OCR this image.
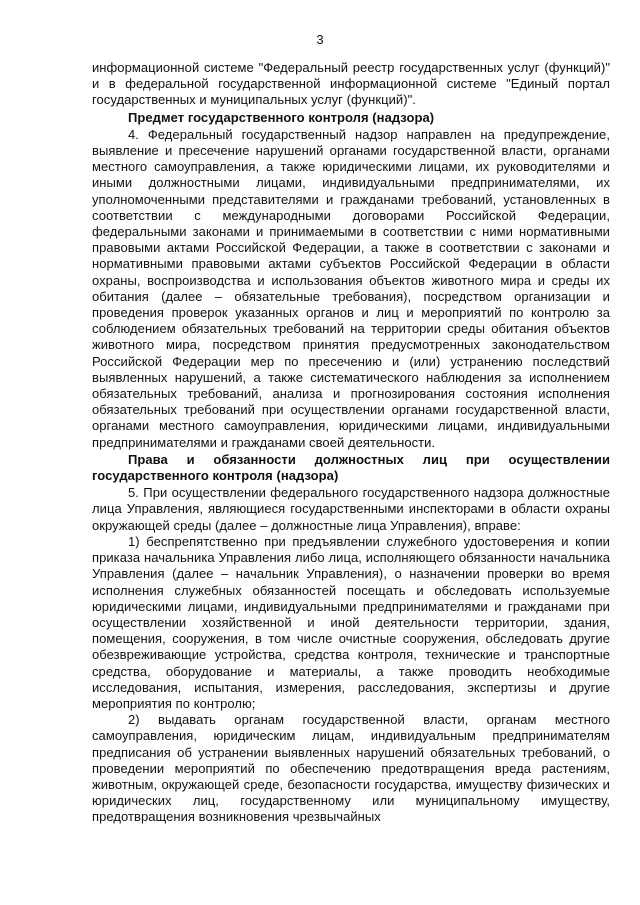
3

информационной системе "Федеральный реестр государственных услуг (функций)" и в федеральной государственной информационной системе "Единый портал государственных и муниципальных услуг (функций)".

Предмет государственного контроля (надзора)

4. Федеральный государственный надзор направлен на предупреждение, выявление и пресечение нарушений органами государственной власти, органами местного самоуправления, а также юридическими лицами, их руководителями и иными должностными лицами, индивидуальными предпринимателями, их уполномоченными представителями и гражданами требований, установленных в соответствии с международными договорами Российской Федерации, федеральными законами и принимаемыми в соответствии с ними нормативными правовыми актами Российской Федерации, а также в соответствии с законами и нормативными правовыми актами субъектов Российской Федерации в области охраны, воспроизводства и использования объектов животного мира и среды их обитания (далее – обязательные требования), посредством организации и проведения проверок указанных органов и лиц и мероприятий по контролю за соблюдением обязательных требований на территории среды обитания объектов животного мира, посредством принятия предусмотренных законодательством Российской Федерации мер по пресечению и (или) устранению последствий выявленных нарушений, а также систематического наблюдения за исполнением обязательных требований, анализа и прогнозирования состояния исполнения обязательных требований при осуществлении органами государственной власти, органами местного самоуправления, юридическими лицами, индивидуальными предпринимателями и гражданами своей деятельности.

Права и обязанности должностных лиц при осуществлении государственного контроля (надзора)

5. При осуществлении федерального государственного надзора должностные лица Управления, являющиеся государственными инспекторами в области охраны окружающей среды (далее – должностные лица Управления), вправе:

1) беспрепятственно при предъявлении служебного удостоверения и копии приказа начальника Управления либо лица, исполняющего обязанности начальника Управления (далее – начальник Управления), о назначении проверки во время исполнения служебных обязанностей посещать и обследовать используемые юридическими лицами, индивидуальными предпринимателями и гражданами при осуществлении хозяйственной и иной деятельности территории, здания, помещения, сооружения, в том числе очистные сооружения, обследовать другие обезвреживающие устройства, средства контроля, технические и транспортные средства, оборудование и материалы, а также проводить необходимые исследования, испытания, измерения, расследования, экспертизы и другие мероприятия по контролю;

2) выдавать органам государственной власти, органам местного самоуправления, юридическим лицам, индивидуальным предпринимателям предписания об устранении выявленных нарушений обязательных требований, о проведении мероприятий по обеспечению предотвращения вреда растениям, животным, окружающей среде, безопасности государства, имуществу физических и юридических лиц, государственному или муниципальному имуществу, предотвращения возникновения чрезвычайных
